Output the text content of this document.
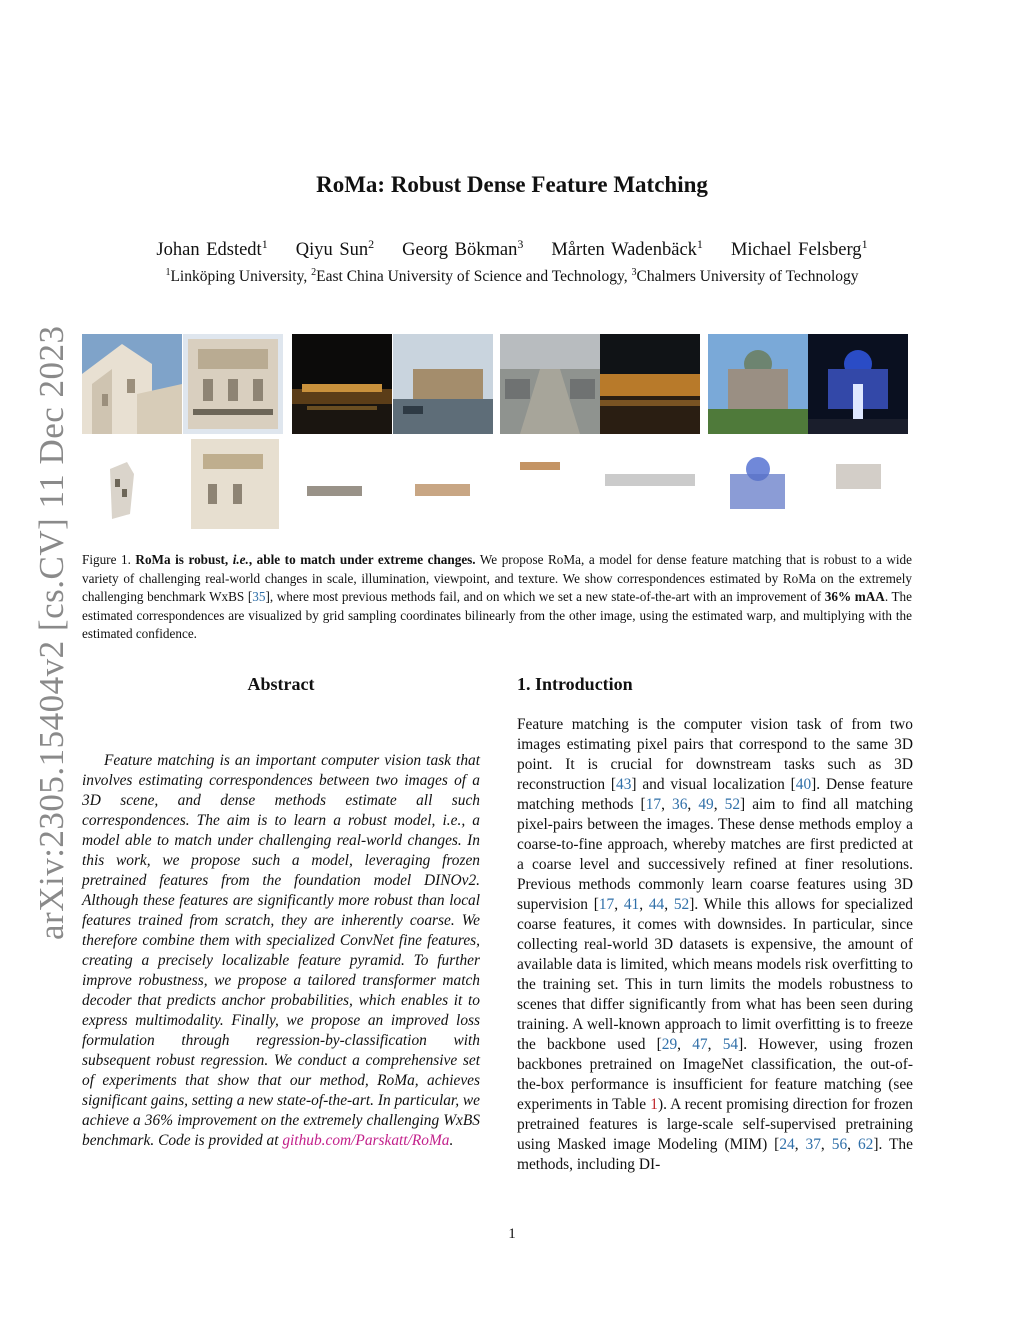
arXiv:2305.15404v2 [cs.CV] 11 Dec 2023
RoMa: Robust Dense Feature Matching
Johan Edstedt$^1$ Qiyu Sun$^2$ Georg Bökman$^3$ Mårten Wadenbäck$^1$ Michael Felsberg$^1$
$^1$Linköping University, $^2$East China University of Science and Technology, $^3$Chalmers University of Technology
Figure 1. RoMa is robust, i.e., able to match under extreme changes. We propose RoMa, a model for dense feature matching that is robust to a wide variety of challenging real-world changes in scale, illumination, viewpoint, and texture. We show correspondences estimated by RoMa on the extremely challenging benchmark WxBS [35], where most previous methods fail, and on which we set a new state-of-the-art with an improvement of 36% mAA. The estimated correspondences are visualized by grid sampling coordinates bilinearly from the other image, using the estimated warp, and multiplying with the estimated confidence.
Abstract
Feature matching is an important computer vision task that involves estimating correspondences between two images of a 3D scene, and dense methods estimate all such correspondences. The aim is to learn a robust model, i.e., a model able to match under challenging real-world changes. In this work, we propose such a model, leveraging frozen pretrained features from the foundation model DINOv2. Although these features are significantly more robust than local features trained from scratch, they are inherently coarse. We therefore combine them with specialized ConvNet fine features, creating a precisely localizable feature pyramid. To further improve robustness, we propose a tailored transformer match decoder that predicts anchor probabilities, which enables it to express multimodality. Finally, we propose an improved loss formulation through regression-by-classification with subsequent robust regression. We conduct a comprehensive set of experiments that show that our method, RoMa, achieves significant gains, setting a new state-of-the-art. In particular, we achieve a 36% improvement on the extremely challenging WxBS benchmark. Code is provided at github.com/Parskatt/RoMa.
1. Introduction
Feature matching is the computer vision task of from two images estimating pixel pairs that correspond to the same 3D point. It is crucial for downstream tasks such as 3D reconstruction [43] and visual localization [40]. Dense feature matching methods [17, 36, 49, 52] aim to find all matching pixel-pairs between the images. These dense methods employ a coarse-to-fine approach, whereby matches are first predicted at a coarse level and successively refined at finer resolutions. Previous methods commonly learn coarse features using 3D supervision [17, 41, 44, 52]. While this allows for specialized coarse features, it comes with downsides. In particular, since collecting real-world 3D datasets is expensive, the amount of available data is limited, which means models risk overfitting to the training set. This in turn limits the models robustness to scenes that differ significantly from what has been seen during training. A well-known approach to limit overfitting is to freeze the backbone used [29, 47, 54]. However, using frozen backbones pretrained on ImageNet classification, the out-of-the-box performance is insufficient for feature matching (see experiments in Table 1). A recent promising direction for frozen pretrained features is large-scale self-supervised pretraining using Masked image Modeling (MIM) [24, 37, 56, 62]. The methods, including DI-
1
